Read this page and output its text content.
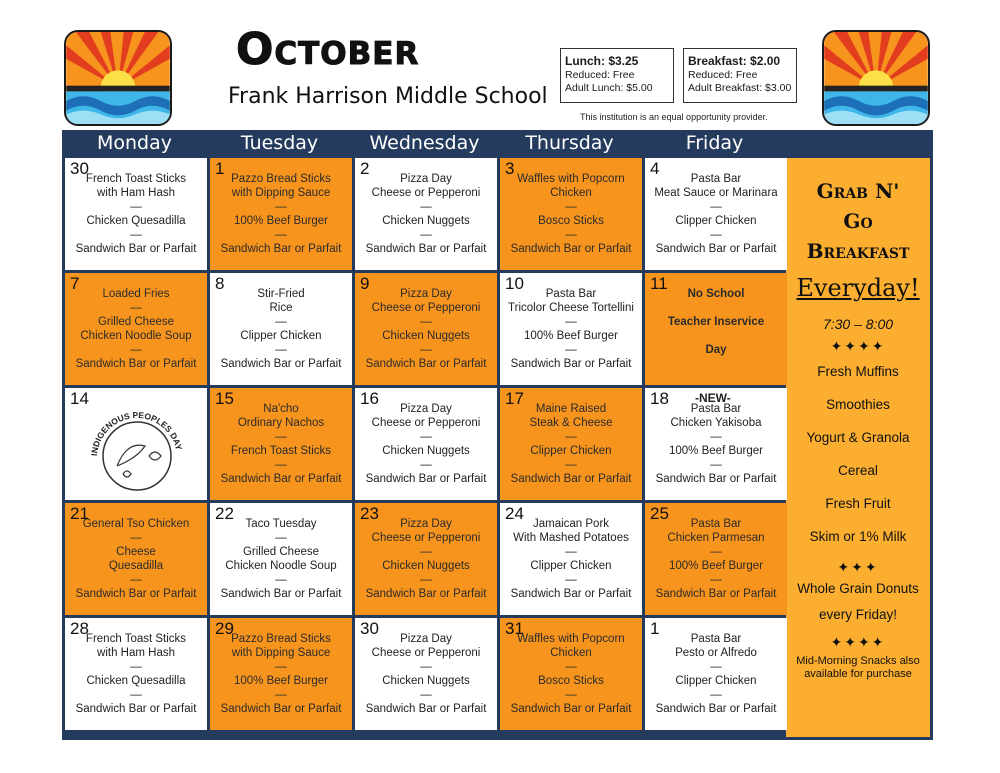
October
Frank Harrison Middle School
Lunch: $3.25
Reduced: Free
Adult Lunch: $5.00
Breakfast: $2.00
Reduced: Free
Adult Breakfast: $3.00
This institution is an equal opportunity provider.
Monday	Tuesday	Wednesday	Thursday	Friday
Grab N'
Go
Breakfast
Everyday!
7:30 – 8:00
✦✦✦✦
Fresh Muffins
Smoothies
Yogurt & Granola
Cereal
Fresh Fruit
Skim or 1% Milk
✦✦✦
Whole Grain Donuts
every Friday!
✦✦✦✦
Mid-Morning Snacks also available for purchase
30
French Toast Sticks
with Ham Hash
—
Chicken Quesadilla
—
Sandwich Bar or Parfait
1
Pazzo Bread Sticks
with Dipping Sauce
—
100% Beef Burger
—
Sandwich Bar or Parfait
2
Pizza Day
Cheese or Pepperoni
—
Chicken Nuggets
—
Sandwich Bar or Parfait
3
Waffles with Popcorn
Chicken
—
Bosco Sticks
—
Sandwich Bar or Parfait
4
Pasta Bar
Meat Sauce or Marinara
—
Clipper Chicken
—
Sandwich Bar or Parfait
7
Loaded Fries
—
Grilled Cheese
Chicken Noodle Soup
—
Sandwich Bar or Parfait
8
Stir-Fried
Rice
—
Clipper Chicken
—
Sandwich Bar or Parfait
9
Pizza Day
Cheese or Pepperoni
—
Chicken Nuggets
—
Sandwich Bar or Parfait
10
Pasta Bar
Tricolor Cheese Tortellini
—
100% Beef Burger
—
Sandwich Bar or Parfait
11
No School

Teacher Inservice

Day

14
INDIGENOUS PEOPLES DAY
15
Na'cho
Ordinary Nachos
—
French Toast Sticks
—
Sandwich Bar or Parfait
16
Pizza Day
Cheese or Pepperoni
—
Chicken Nuggets
—
Sandwich Bar or Parfait
17
Maine Raised
Steak & Cheese
—
Clipper Chicken
—
Sandwich Bar or Parfait
18 -NEW-
Pasta Bar
Chicken Yakisoba
—
100% Beef Burger
—
Sandwich Bar or Parfait
21
General Tso Chicken
—
Cheese
Quesadilla
—
Sandwich Bar or Parfait
22
Taco Tuesday
—
Grilled Cheese
Chicken Noodle Soup
—
Sandwich Bar or Parfait
23
Pizza Day
Cheese or Pepperoni
—
Chicken Nuggets
—
Sandwich Bar or Parfait
24
Jamaican Pork
With Mashed Potatoes
—
Clipper Chicken
—
Sandwich Bar or Parfait
25
Pasta Bar
Chicken Parmesan
—
100% Beef Burger
—
Sandwich Bar or Parfait
28
French Toast Sticks
with Ham Hash
—
Chicken Quesadilla
—
Sandwich Bar or Parfait
29
Pazzo Bread Sticks
with Dipping Sauce
—
100% Beef Burger
—
Sandwich Bar or Parfait
30
Pizza Day
Cheese or Pepperoni
—
Chicken Nuggets
—
Sandwich Bar or Parfait
31
Waffles with Popcorn
Chicken
—
Bosco Sticks
—
Sandwich Bar or Parfait
1
Pasta Bar
Pesto or Alfredo
—
Clipper Chicken
—
Sandwich Bar or Parfait
